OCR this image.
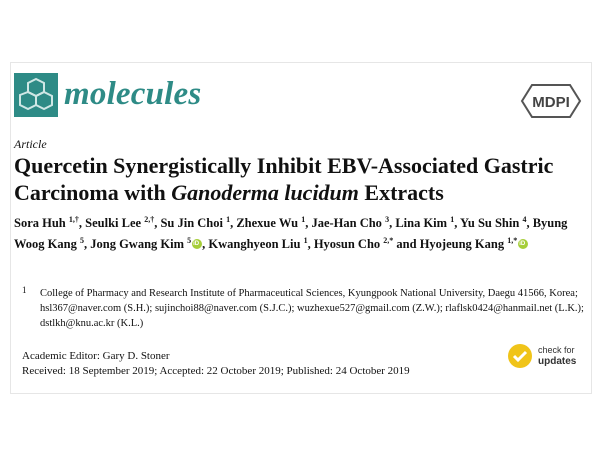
molecules	MDPI
Article
Quercetin Synergistically Inhibit EBV-Associated Gastric Carcinoma with Ganoderma lucidum Extracts
Sora Huh $^{1,\dagger}$, Seulki Lee $^{2,\dagger}$, Su Jin Choi $^1$, Zhexue Wu $^1$, Jae-Han Cho $^3$, Lina Kim $^1$, Yu Su Shin $^4$, Byung Woog Kang $^5$, Jong Gwang Kim $^5$iD , Kwanghyeon Liu $^1$, Hyosun Cho $^{2,*}$ and Hyojeung Kang $^{1,*}$iD
1 College of Pharmacy and Research Institute of Pharmaceutical Sciences, Kyungpook National University, Daegu 41566, Korea; hsl367@naver.com (S.H.); sujinchoi88@naver.com (S.J.C.); wuzhexue527@gmail.com (Z.W.); rlaflsk0424@hanmail.net (L.K.); dstlkh@knu.ac.kr (K.L.)
Academic Editor: Gary D. Stoner
Received: 18 September 2019; Accepted: 22 October 2019; Published: 24 October 2019
check for
updates
